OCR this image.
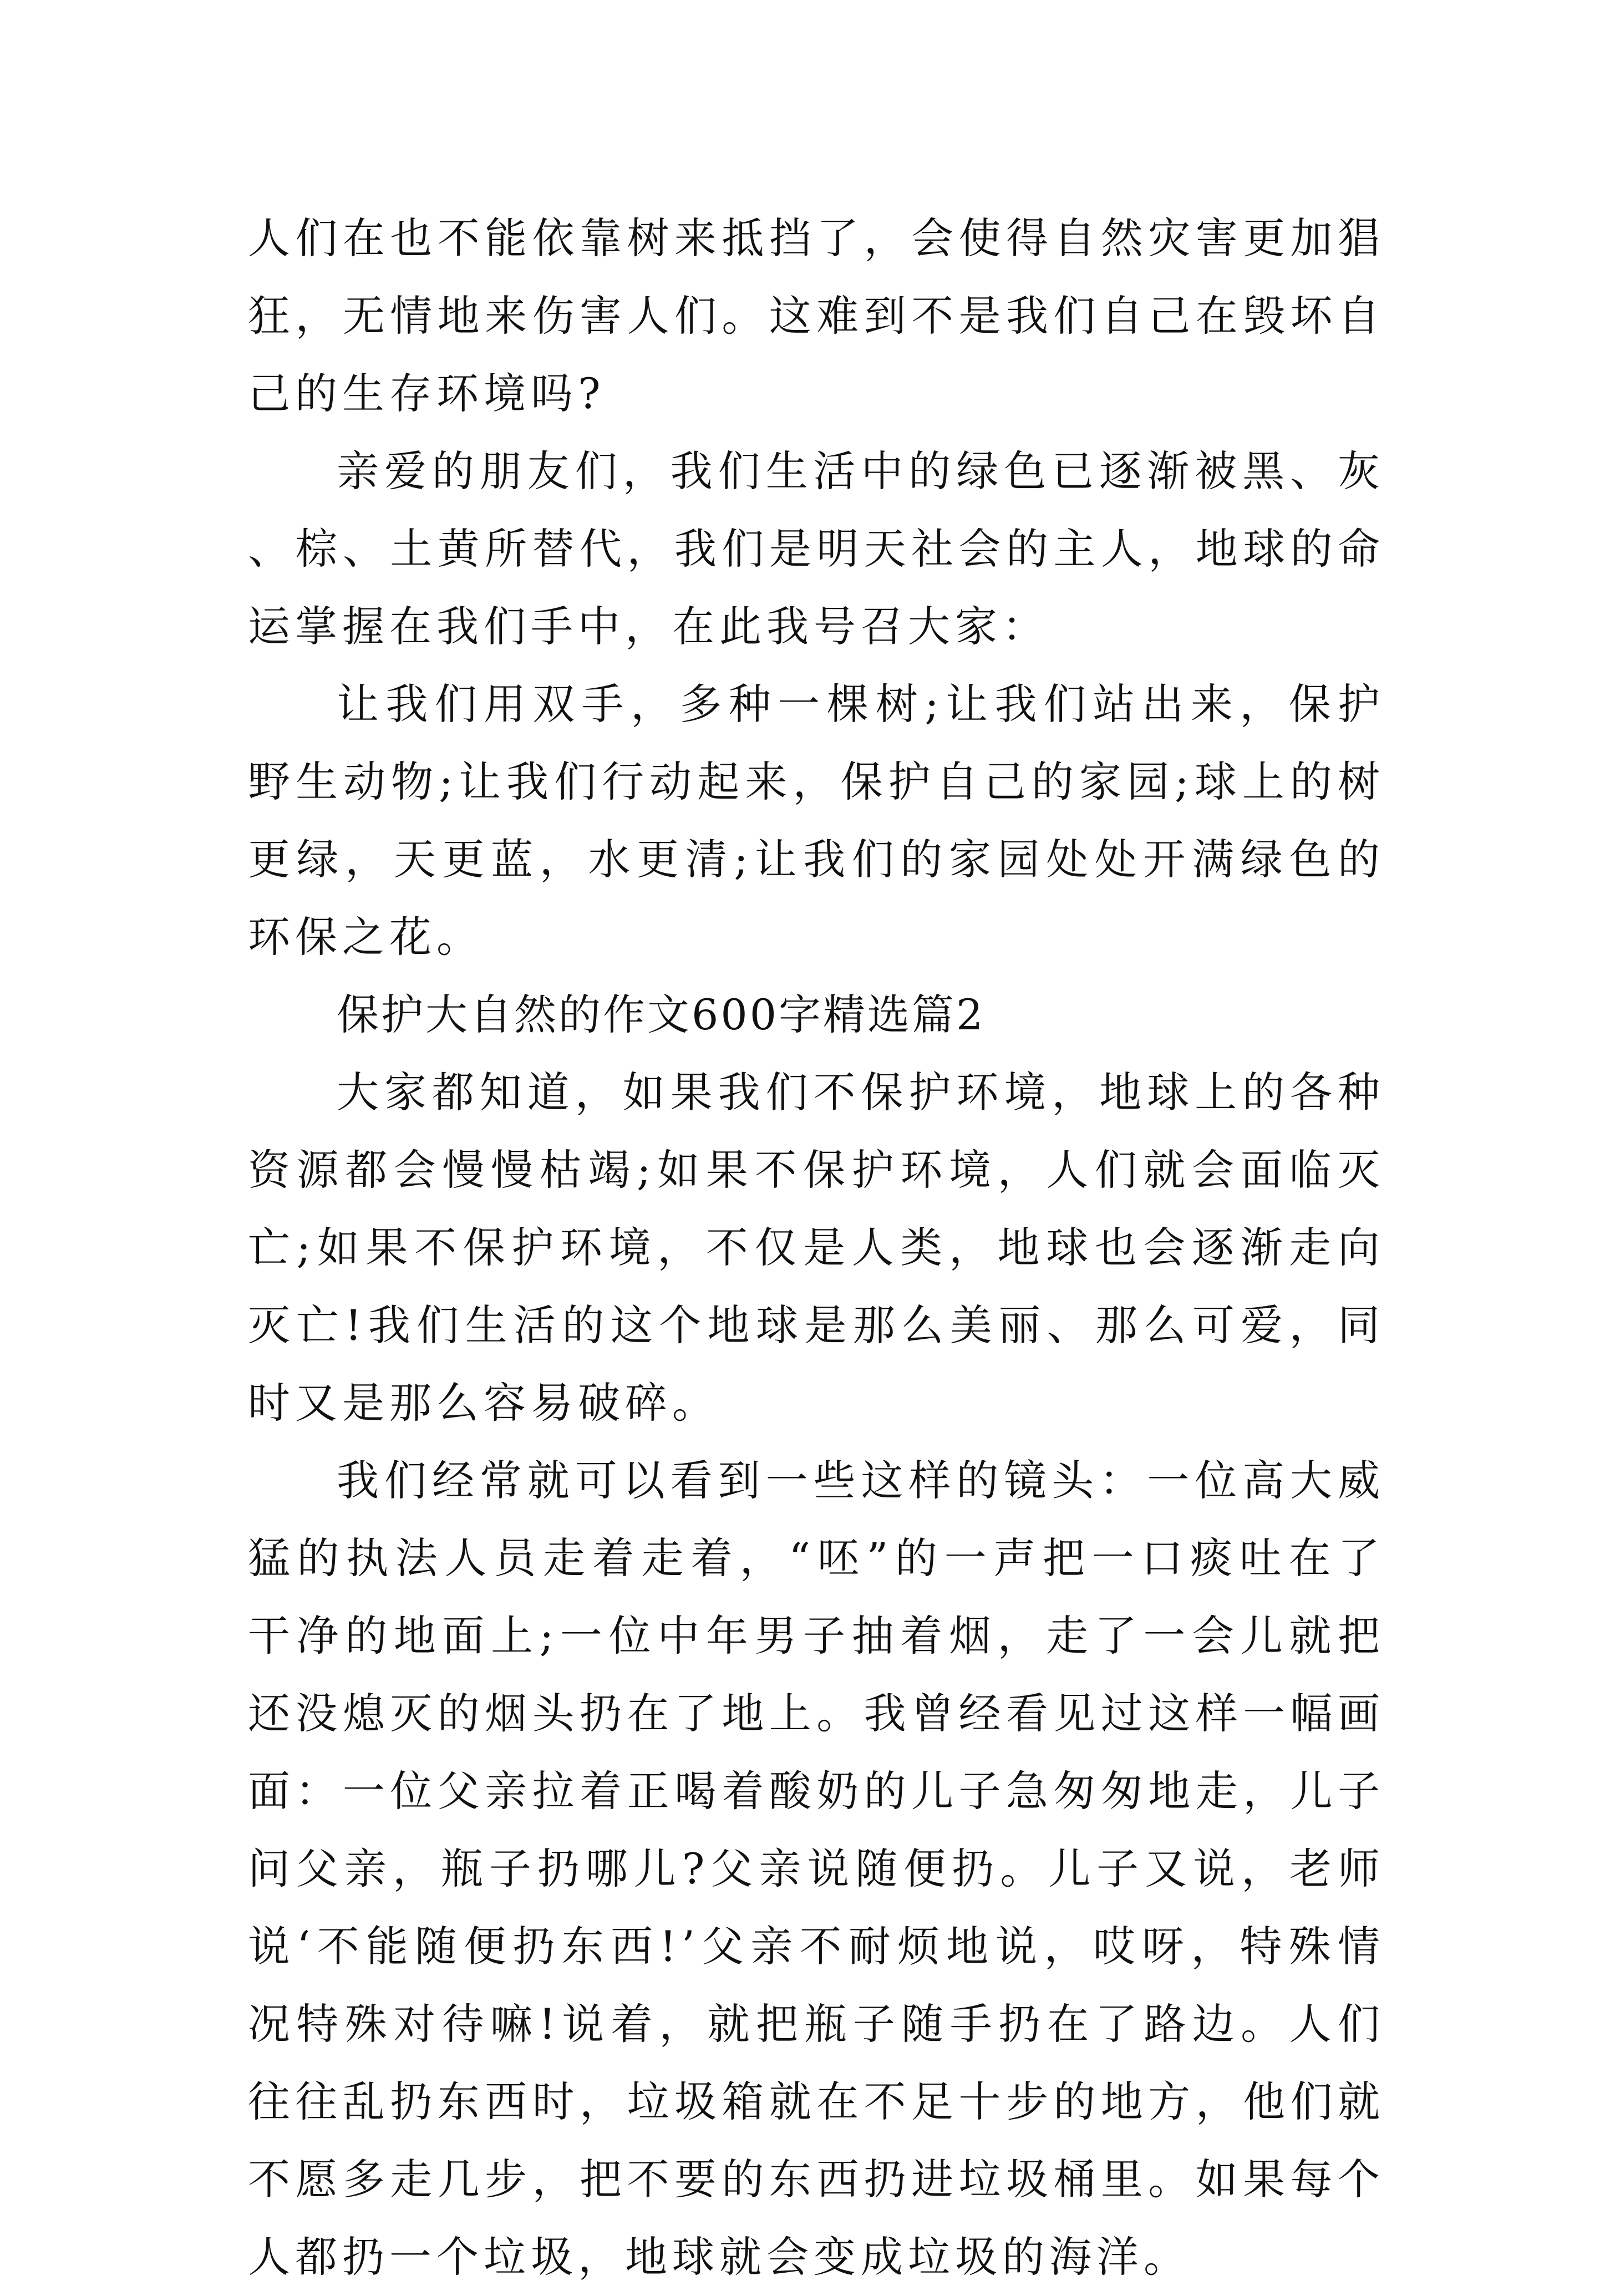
人们在也不能依靠树来抵挡了，会使得自然灾害更加猖狂，无情地来伤害人们。这难到不是我们自己在毁坏自己的生存环境吗?

亲爱的朋友们，我们生活中的绿色已逐渐被黑、灰、棕、土黄所替代，我们是明天社会的主人，地球的命运掌握在我们手中，在此我号召大家：

让我们用双手，多种一棵树;让我们站出来，保护野生动物;让我们行动起来，保护自己的家园;球上的树更绿，天更蓝，水更清;让我们的家园处处开满绿色的环保之花。

保护大自然的作文600字精选篇2

大家都知道，如果我们不保护环境，地球上的各种资源都会慢慢枯竭;如果不保护环境，人们就会面临灭亡;如果不保护环境，不仅是人类，地球也会逐渐走向灭亡!我们生活的这个地球是那么美丽、那么可爱，同时又是那么容易破碎。

我们经常就可以看到一些这样的镜头：一位高大威猛的执法人员走着走着，“呸”的一声把一口痰吐在了干净的地面上;一位中年男子抽着烟，走了一会儿就把还没熄灭的烟头扔在了地上。我曾经看见过这样一幅画面：一位父亲拉着正喝着酸奶的儿子急匆匆地走，儿子问父亲，瓶子扔哪儿?父亲说随便扔。儿子又说，老师说‘不能随便扔东西!’父亲不耐烦地说，哎呀，特殊情况特殊对待嘛!说着，就把瓶子随手扔在了路边。人们往往乱扔东西时，垃圾箱就在不足十步的地方，他们就不愿多走几步，把不要的东西扔进垃圾桶里。如果每个人都扔一个垃圾，地球就会变成垃圾的海洋。
